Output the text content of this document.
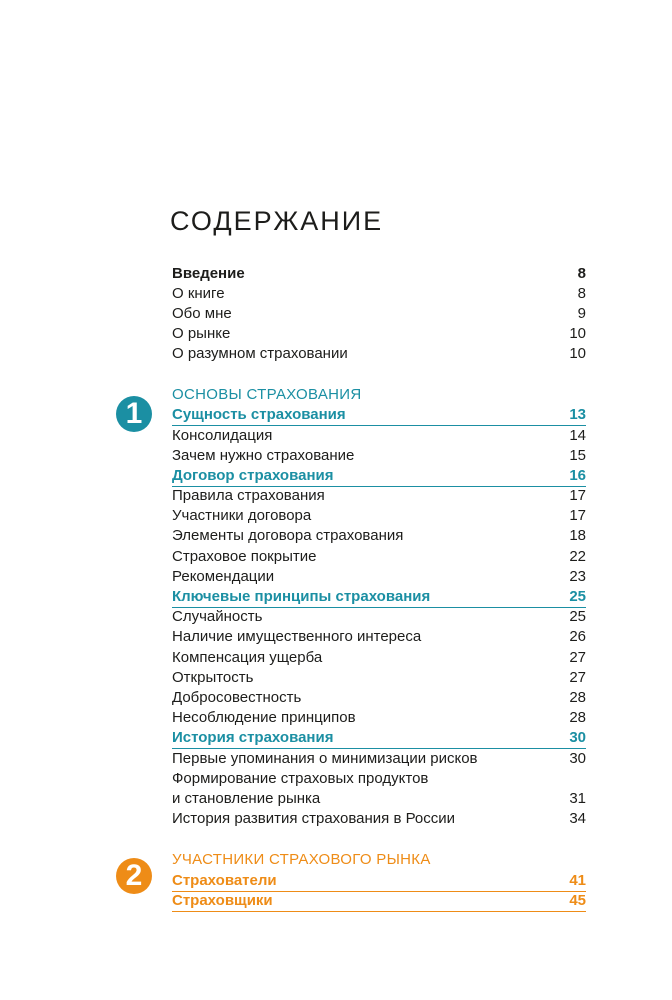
СОДЕРЖАНИЕ
Введение	8
О книге	8
Обо мне	9
О рынке	10
О разумном страховании	10
1
ОСНОВЫ СТРАХОВАНИЯ
Сущность страхования	13
Консолидация	14
Зачем нужно страхование	15
Договор страхования	16
Правила страхования	17
Участники договора	17
Элементы договора страхования	18
Страховое покрытие	22
Рекомендации	23
Ключевые принципы страхования	25
Случайность	25
Наличие имущественного интереса	26
Компенсация ущерба	27
Открытость	27
Добросовестность	28
Несоблюдение принципов	28
История страхования	30
Первые упоминания о минимизации рисков	30
Формирование страховых продуктов
и становление рынка	31
История развития страхования в России	34
2	УЧАСТНИКИ СТРАХОВОГО РЫНКА
Страхователи	41
Страховщики	45
